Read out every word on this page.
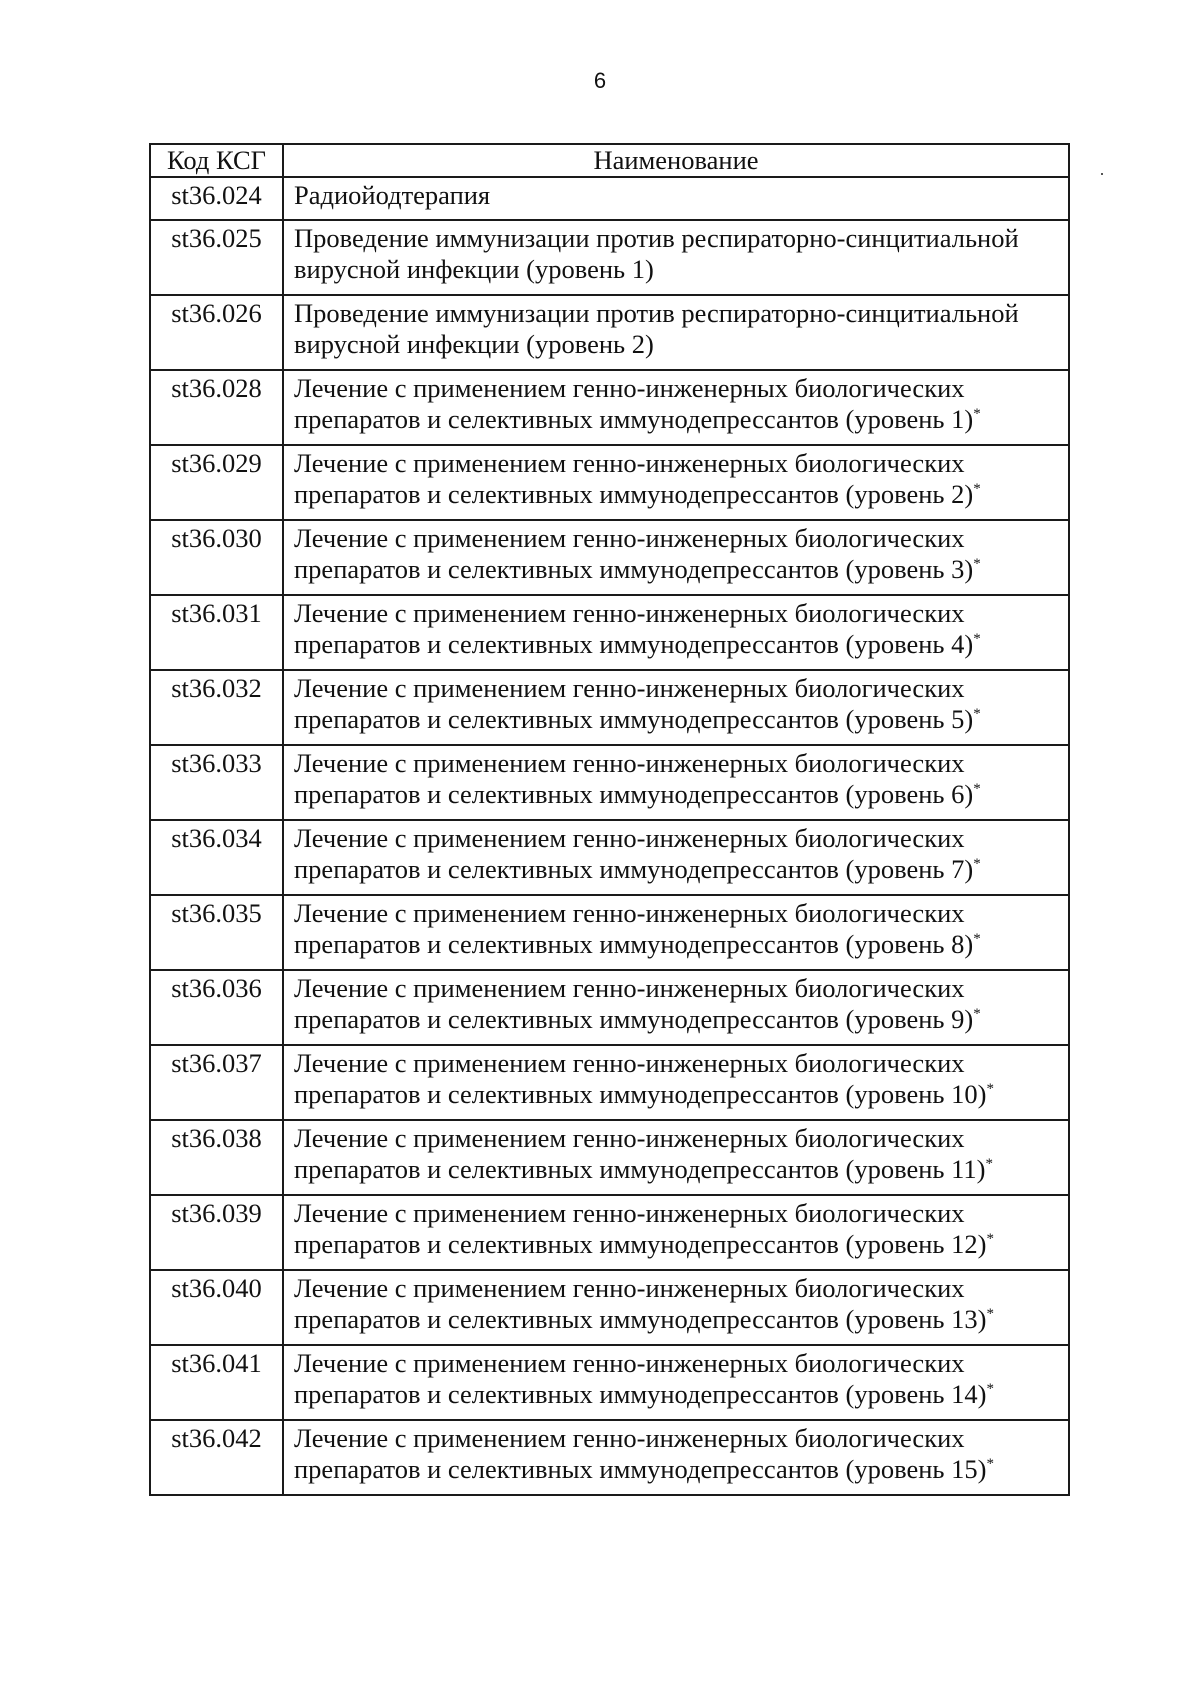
6
Код КСГ	Наименование
st36.024	Радиойодтерапия
st36.025	Проведение иммунизации против респираторно-синцитиальной вирусной инфекции (уровень 1)
st36.026	Проведение иммунизации против респираторно-синцитиальной вирусной инфекции (уровень 2)
st36.028	Лечение с применением генно-инженерных биологических препаратов и селективных иммунодепрессантов (уровень 1)*
st36.029	Лечение с применением генно-инженерных биологических препаратов и селективных иммунодепрессантов (уровень 2)*
st36.030	Лечение с применением генно-инженерных биологических препаратов и селективных иммунодепрессантов (уровень 3)*
st36.031	Лечение с применением генно-инженерных биологических препаратов и селективных иммунодепрессантов (уровень 4)*
st36.032	Лечение с применением генно-инженерных биологических препаратов и селективных иммунодепрессантов (уровень 5)*
st36.033	Лечение с применением генно-инженерных биологических препаратов и селективных иммунодепрессантов (уровень 6)*
st36.034	Лечение с применением генно-инженерных биологических препаратов и селективных иммунодепрессантов (уровень 7)*
st36.035	Лечение с применением генно-инженерных биологических препаратов и селективных иммунодепрессантов (уровень 8)*
st36.036	Лечение с применением генно-инженерных биологических препаратов и селективных иммунодепрессантов (уровень 9)*
st36.037	Лечение с применением генно-инженерных биологических препаратов и селективных иммунодепрессантов (уровень 10)*
st36.038	Лечение с применением генно-инженерных биологических препаратов и селективных иммунодепрессантов (уровень 11)*
st36.039	Лечение с применением генно-инженерных биологических препаратов и селективных иммунодепрессантов (уровень 12)*
st36.040	Лечение с применением генно-инженерных биологических препаратов и селективных иммунодепрессантов (уровень 13)*
st36.041	Лечение с применением генно-инженерных биологических препаратов и селективных иммунодепрессантов (уровень 14)*
st36.042	Лечение с применением генно-инженерных биологических препаратов и селективных иммунодепрессантов (уровень 15)*
